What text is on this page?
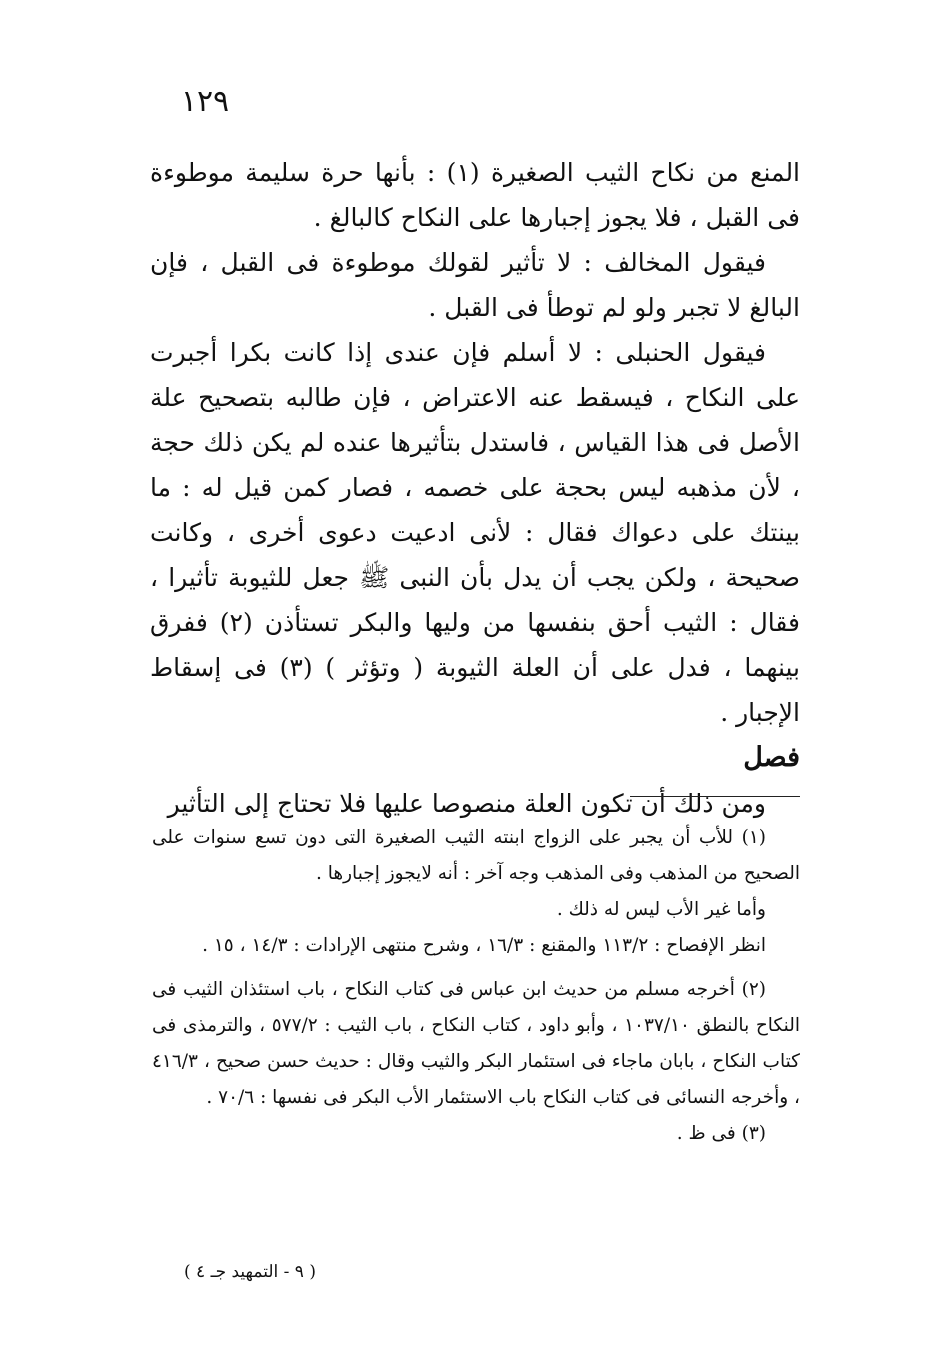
١٢٩

المنع من نكاح الثيب الصغيرة (١) : بأنها حرة سليمة موطوءة فى القبل ، فلا يجوز إجبارها على النكاح كالبالغ .

فيقول المخالف : لا تأثير لقولك موطوءة فى القبل ، فإن البالغ لا تجبر ولو لم توطأ فى القبل .

فيقول الحنبلى : لا أسلم فإن عندى إذا كانت بكرا أجبرت على النكاح ، فيسقط عنه الاعتراض ، فإن طالبه بتصحيح علة الأصل فى هذا القياس ، فاستدل بتأثيرها عنده لم يكن ذلك حجة ، لأن مذهبه ليس بحجة على خصمه ، فصار كمن قيل له : ما بينتك على دعواك فقال : لأنى ادعيت دعوى أخرى ، وكانت صحيحة ، ولكن يجب أن يدل بأن النبى ﷺ جعل للثيوبة تأثيرا ، فقال : الثيب أحق بنفسها من وليها والبكر تستأذن (٢) ففرق بينهما ، فدل على أن العلة الثيوبة ( وتؤثر ) (٣) فى إسقاط الإجبار .

فصل

ومن ذلك أن تكون العلة منصوصا عليها فلا تحتاج إلى التأثير

(١) للأب أن يجبر على الزواج ابنته الثيب الصغيرة التى دون تسع سنوات على الصحيح من المذهب وفى المذهب وجه آخر : أنه لايجوز إجبارها .

وأما غير الأب ليس له ذلك .

انظر الإفصاح : ١١٣/٢ والمقنع : ١٦/٣ ، وشرح منتهى الإرادات : ١٤/٣ ، ١٥ .

(٢) أخرجه مسلم من حديث ابن عباس فى كتاب النكاح ، باب استئذان الثيب فى النكاح بالنطق ١٠٣٧/١٠ ، وأبو داود ، كتاب النكاح ، باب الثيب : ٥٧٧/٢ ، والترمذى فى كتاب النكاح ، بابان ماجاء فى استئمار البكر والثيب وقال : حديث حسن صحيح ، ٤١٦/٣ ، وأخرجه النسائى فى كتاب النكاح باب الاستئمار الأب البكر فى نفسها : ٧٠/٦ .

(٣) فى ظ .

( ٩ - التمهيد جـ ٤ )
